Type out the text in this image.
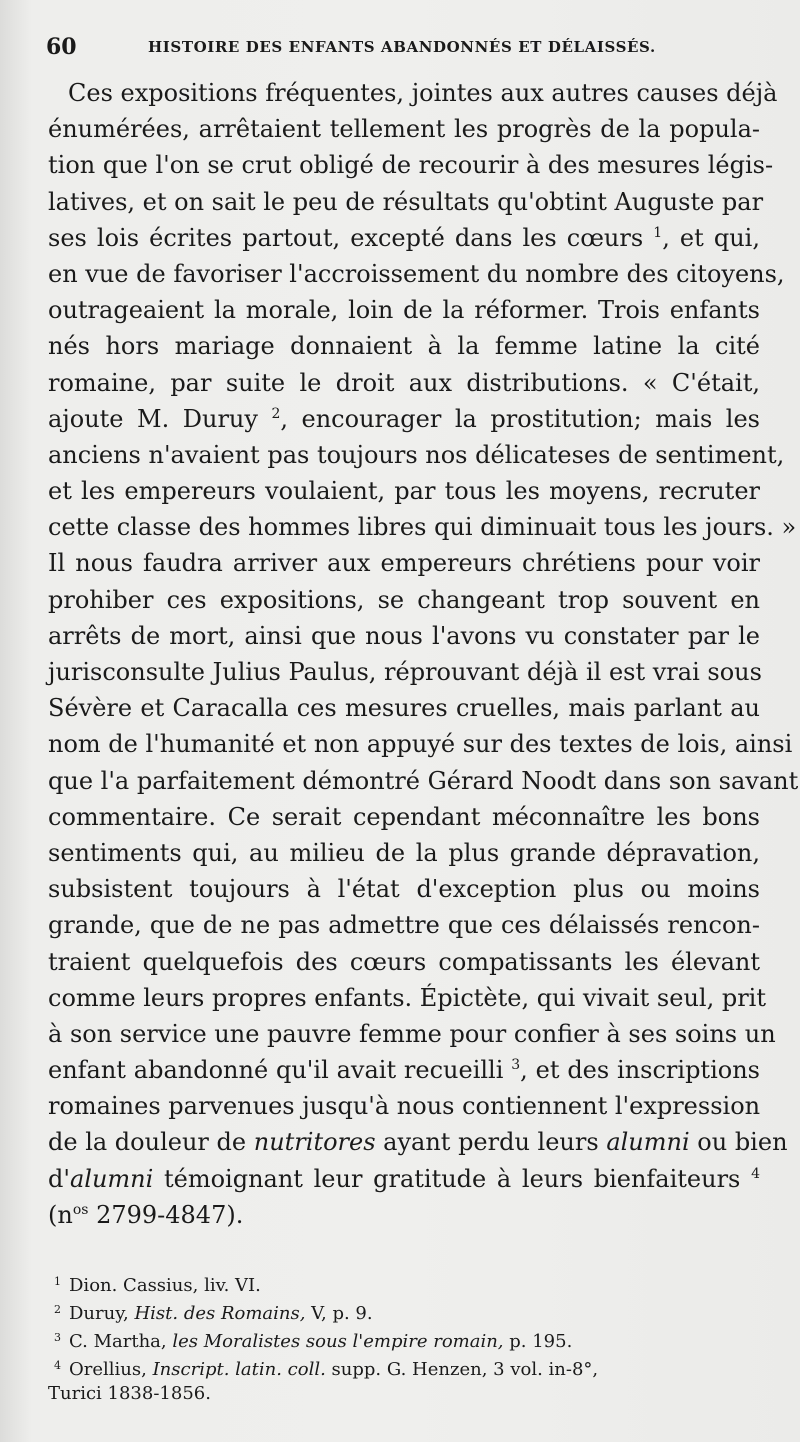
60	HISTOIRE DES ENFANTS ABANDONNÉS ET DÉLAISSÉS.
Ces expositions fréquentes, jointes aux autres causes déjà
énumérées, arrêtaient tellement les progrès de la popula-
tion que l'on se crut obligé de recourir à des mesures légis-
latives, et on sait le peu de résultats qu'obtint Auguste par
ses lois écrites partout, excepté dans les cœurs $^1$, et qui,
en vue de favoriser l'accroissement du nombre des citoyens,
outrageaient la morale, loin de la réformer. Trois enfants
nés hors mariage donnaient à la femme latine la cité
romaine, par suite le droit aux distributions. « C'était,
ajoute M. Duruy $^2$, encourager la prostitution; mais les
anciens n'avaient pas toujours nos délicateses de sentiment,
et les empereurs voulaient, par tous les moyens, recruter
cette classe des hommes libres qui diminuait tous les jours. »
Il nous faudra arriver aux empereurs chrétiens pour voir
prohiber ces expositions, se changeant trop souvent en
arrêts de mort, ainsi que nous l'avons vu constater par le
jurisconsulte Julius Paulus, réprouvant déjà il est vrai sous
Sévère et Caracalla ces mesures cruelles, mais parlant au
nom de l'humanité et non appuyé sur des textes de lois, ainsi
que l'a parfaitement démontré Gérard Noodt dans son savant
commentaire. Ce serait cependant méconnaître les bons
sentiments qui, au milieu de la plus grande dépravation,
subsistent toujours à l'état d'exception plus ou moins
grande, que de ne pas admettre que ces délaissés rencon-
traient quelquefois des cœurs compatissants les élevant
comme leurs propres enfants. Épictète, qui vivait seul, prit
à son service une pauvre femme pour confier à ses soins un
enfant abandonné qu'il avait recueilli $^3$, et des inscriptions
romaines parvenues jusqu'à nous contiennent l'expression
de la douleur de nutritores ayant perdu leurs alumni ou bien
d'alumni témoignant leur gratitude à leurs bienfaiteurs $^4$
($n^{os}$ 2799-4847).
$^1$ Dion. Cassius, liv. VI.
$^2$ Duruy, Hist. des Romains, V, p. 9.
$^3$ C. Martha, les Moralistes sous l'empire romain, p. 195.
$^4$ Orellius, Inscript. latin. coll. supp. G. Henzen, 3 vol. in-8°,
Turici 1838-1856.
